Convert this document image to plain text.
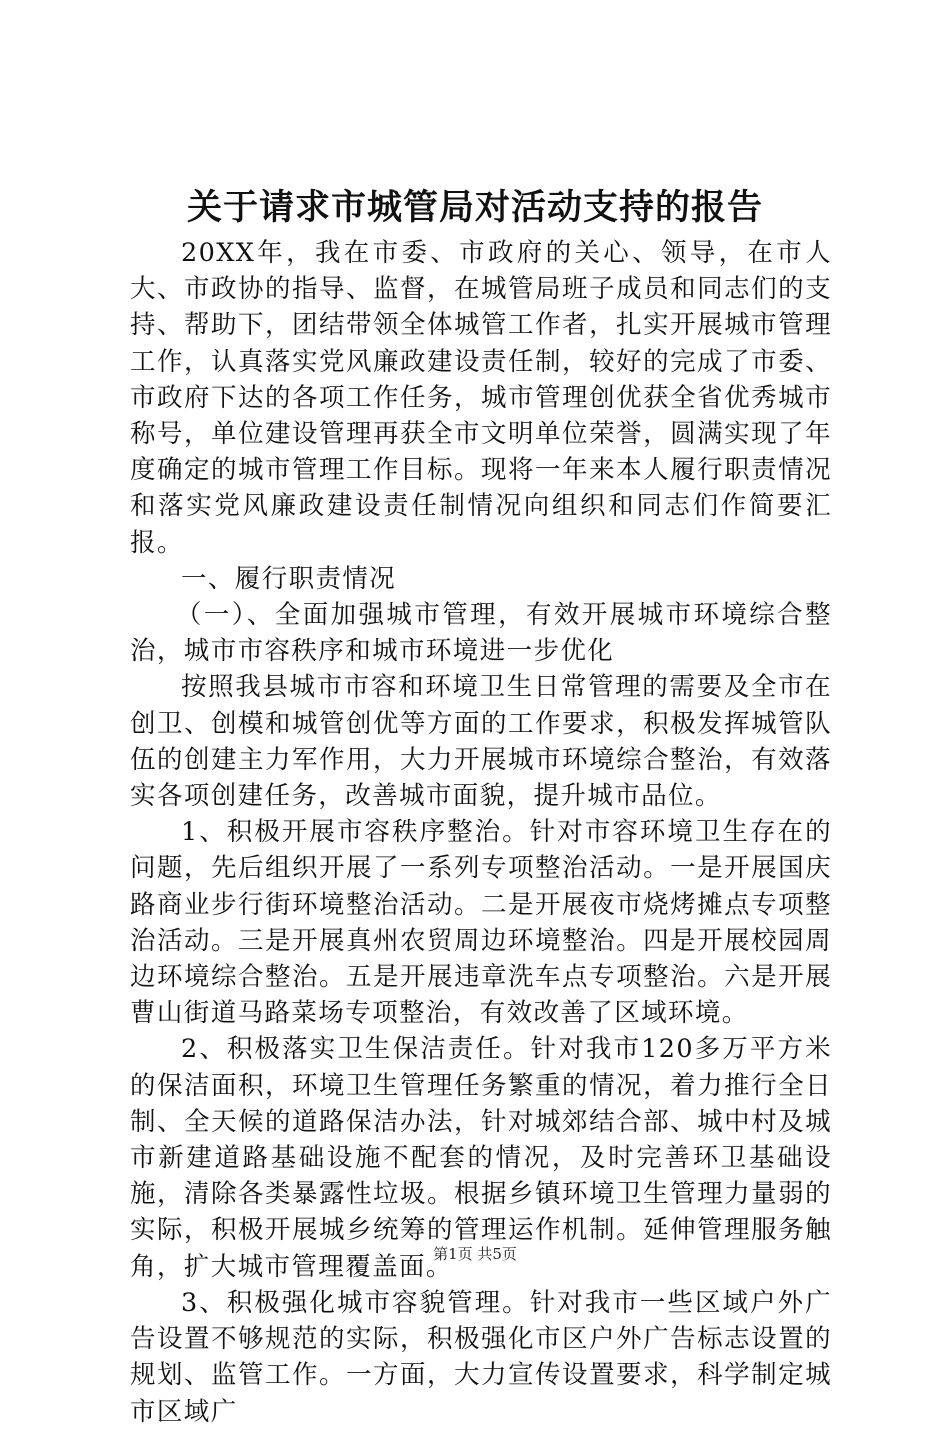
关于请求市城管局对活动支持的报告

20XX年，我在市委、市政府的关心、领导，在市人大、市政协的指导、监督，在城管局班子成员和同志们的支持、帮助下，团结带领全体城管工作者，扎实开展城市管理工作，认真落实党风廉政建设责任制，较好的完成了市委、市政府下达的各项工作任务，城市管理创优获全省优秀城市称号，单位建设管理再获全市文明单位荣誉，圆满实现了年度确定的城市管理工作目标。现将一年来本人履行职责情况和落实党风廉政建设责任制情况向组织和同志们作简要汇报。

一、履行职责情况

（一）、全面加强城市管理，有效开展城市环境综合整治，城市市容秩序和城市环境进一步优化

按照我县城市市容和环境卫生日常管理的需要及全市在创卫、创模和城管创优等方面的工作要求，积极发挥城管队伍的创建主力军作用，大力开展城市环境综合整治，有效落实各项创建任务，改善城市面貌，提升城市品位。

1、积极开展市容秩序整治。针对市容环境卫生存在的问题，先后组织开展了一系列专项整治活动。一是开展国庆路商业步行街环境整治活动。二是开展夜市烧烤摊点专项整治活动。三是开展真州农贸周边环境整治。四是开展校园周边环境综合整治。五是开展违章洗车点专项整治。六是开展曹山街道马路菜场专项整治，有效改善了区域环境。

2、积极落实卫生保洁责任。针对我市120多万平方米的保洁面积，环境卫生管理任务繁重的情况，着力推行全日制、全天候的道路保洁办法，针对城郊结合部、城中村及城市新建道路基础设施不配套的情况，及时完善环卫基础设施，清除各类暴露性垃圾。根据乡镇环境卫生管理力量弱的实际，积极开展城乡统筹的管理运作机制。延伸管理服务触角，扩大城市管理覆盖面。

3、积极强化城市容貌管理。针对我市一些区域户外广告设置不够规范的实际，积极强化市区户外广告标志设置的规划、监管工作。一方面，大力宣传设置要求，科学制定城市区域广

第1页 共5页
